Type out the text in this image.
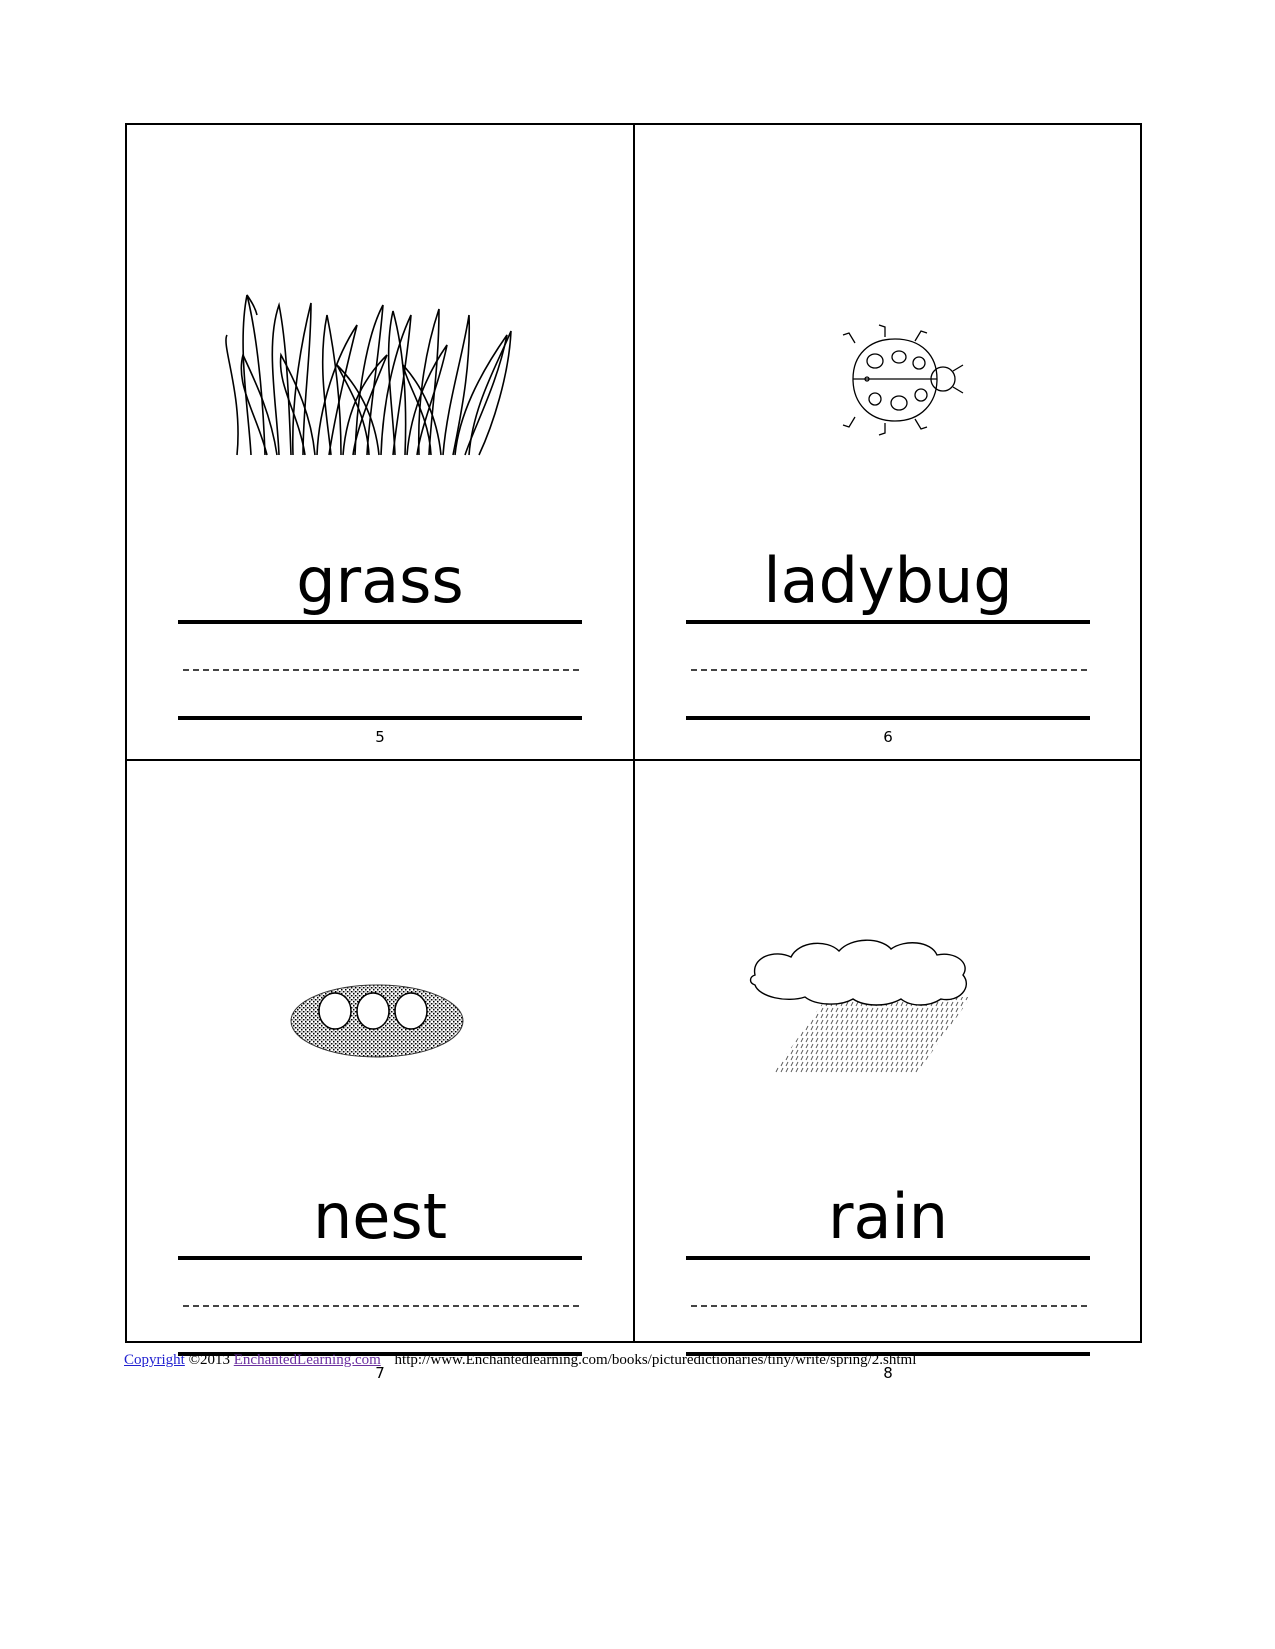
grass
5
ladybug
6
nest
7
rain
8
Copyright ©2013 EnchantedLearning.com http://www.Enchantedlearning.com/books/picturedictionaries/tiny/write/spring/2.shtml
